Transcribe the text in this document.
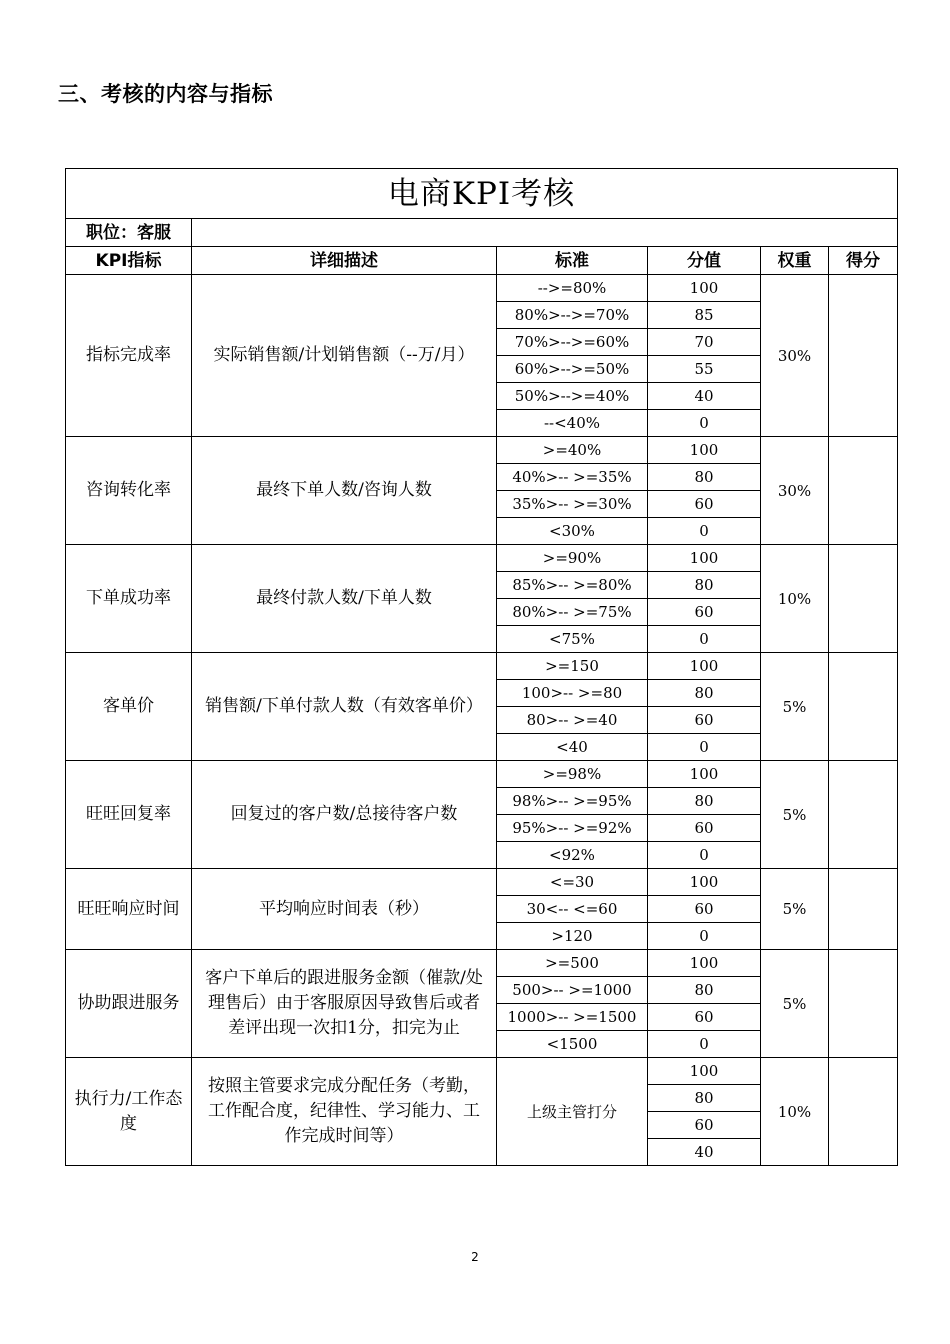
三、考核的内容与指标
电商KPI考核					
职位：客服					
KPI指标	详细描述	标准	分值	权重	得分
指标完成率	实际销售额/计划销售额（--万/月）	-->=80%	100	30%	
		80%>-->=70%	85		
		70%>-->=60%	70		
		60%>-->=50%	55		
		50%>-->=40%	40		
		--<40%	0		
咨询转化率	最终下单人数/咨询人数	>=40%	100	30%	
		40%>-- >=35%	80		
		35%>-- >=30%	60		
		<30%	0		
下单成功率	最终付款人数/下单人数	>=90%	100	10%	
		85%>-- >=80%	80		
		80%>-- >=75%	60		
		<75%	0		
客单价	销售额/下单付款人数（有效客单价）	>=150	100	5%	
		100>-- >=80	80		
		80>-- >=40	60		
		<40	0		
旺旺回复率	回复过的客户数/总接待客户数	>=98%	100	5%	
		98%>-- >=95%	80		
		95%>-- >=92%	60		
		<92%	0		
旺旺响应时间	平均响应时间表（秒）	<=30	100	5%	
		30<-- <=60	60		
		>120	0		
协助跟进服务	客户下单后的跟进服务金额（催款/处理售后）由于客服原因导致售后或者差评出现一次扣1分，扣完为止	>=500	100	5%	
		500>-- >=1000	80		
		1000>-- >=1500	60		
		<1500	0		
执行力/工作态度	按照主管要求完成分配任务（考勤，工作配合度，纪律性、学习能力、工作完成时间等）	上级主管打分	100	10%	
			80		
			60		
			40		
2
